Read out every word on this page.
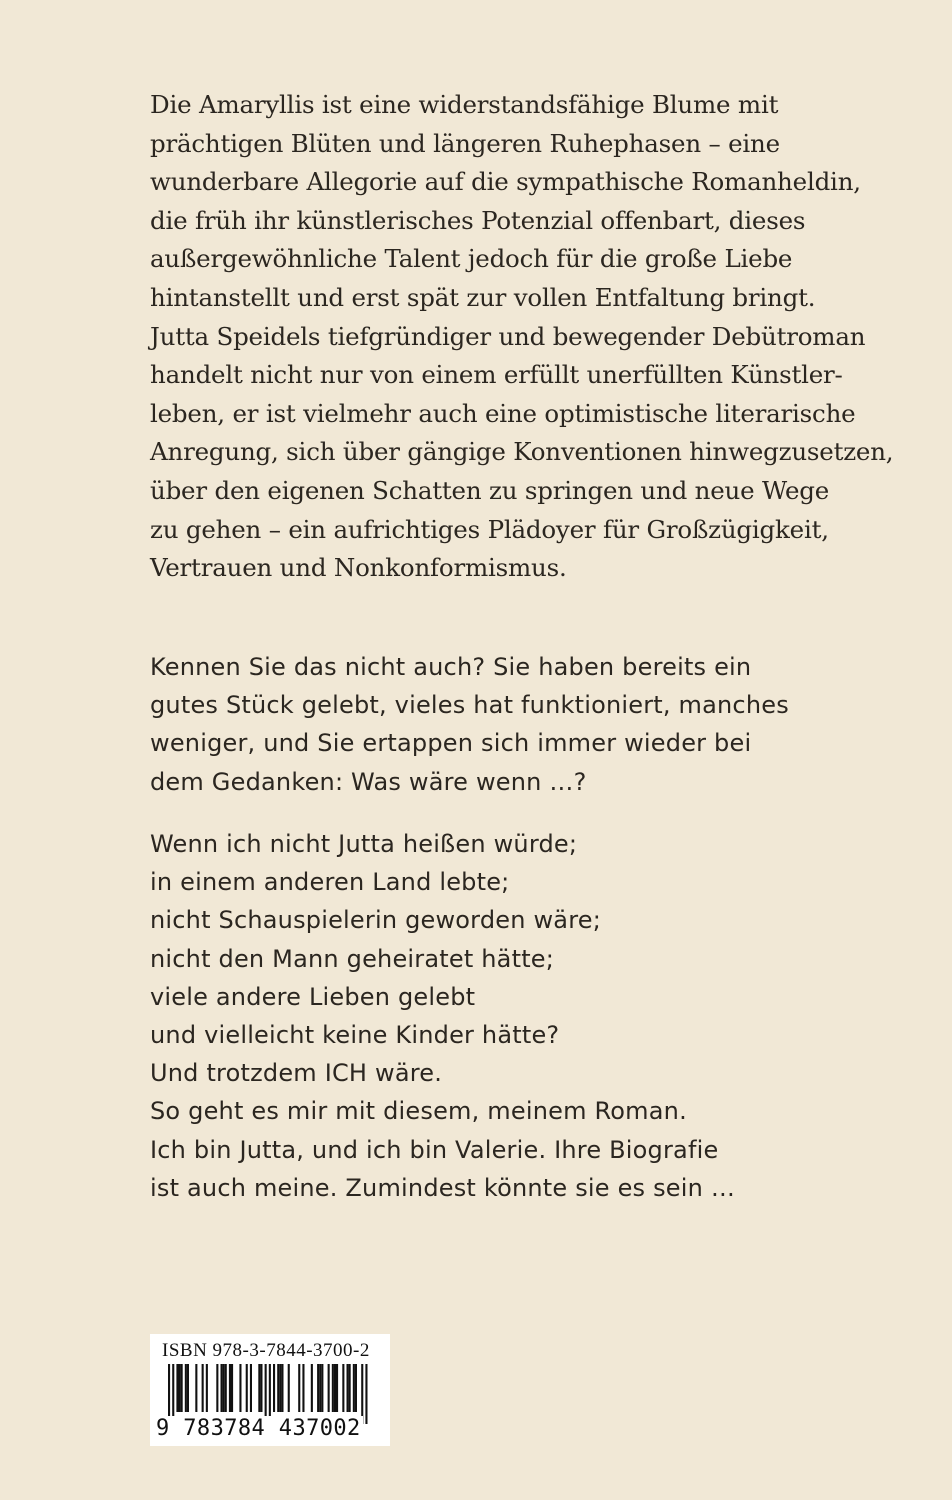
Die Amaryllis ist eine widerstandsfähige Blume mit
prächtigen Blüten und längeren Ruhephasen – eine
wunderbare Allegorie auf die sympathische Romanheldin,
die früh ihr künstlerisches Potenzial offenbart, dieses
außergewöhnliche Talent jedoch für die große Liebe
hintanstellt und erst spät zur vollen Entfaltung bringt.
Jutta Speidels tiefgründiger und bewegender Debütroman
handelt nicht nur von einem erfüllt unerfüllten Künstler-
leben, er ist vielmehr auch eine optimistische literarische
Anregung, sich über gängige Konventionen hinwegzusetzen,
über den eigenen Schatten zu springen und neue Wege
zu gehen – ein aufrichtiges Plädoyer für Großzügigkeit,
Vertrauen und Nonkonformismus.

Kennen Sie das nicht auch? Sie haben bereits ein
gutes Stück gelebt, vieles hat funktioniert, manches
weniger, und Sie ertappen sich immer wieder bei
dem Gedanken: Was wäre wenn …?

Wenn ich nicht Jutta heißen würde;
in einem anderen Land lebte;
nicht Schauspielerin geworden wäre;
nicht den Mann geheiratet hätte;
viele andere Lieben gelebt
und vielleicht keine Kinder hätte?
Und trotzdem ICH wäre.
So geht es mir mit diesem, meinem Roman.
Ich bin Jutta, und ich bin Valerie. Ihre Biografie
ist auch meine. Zumindest könnte sie es sein …

ISBN 978-3-7844-3700-2
9 783784 437002
